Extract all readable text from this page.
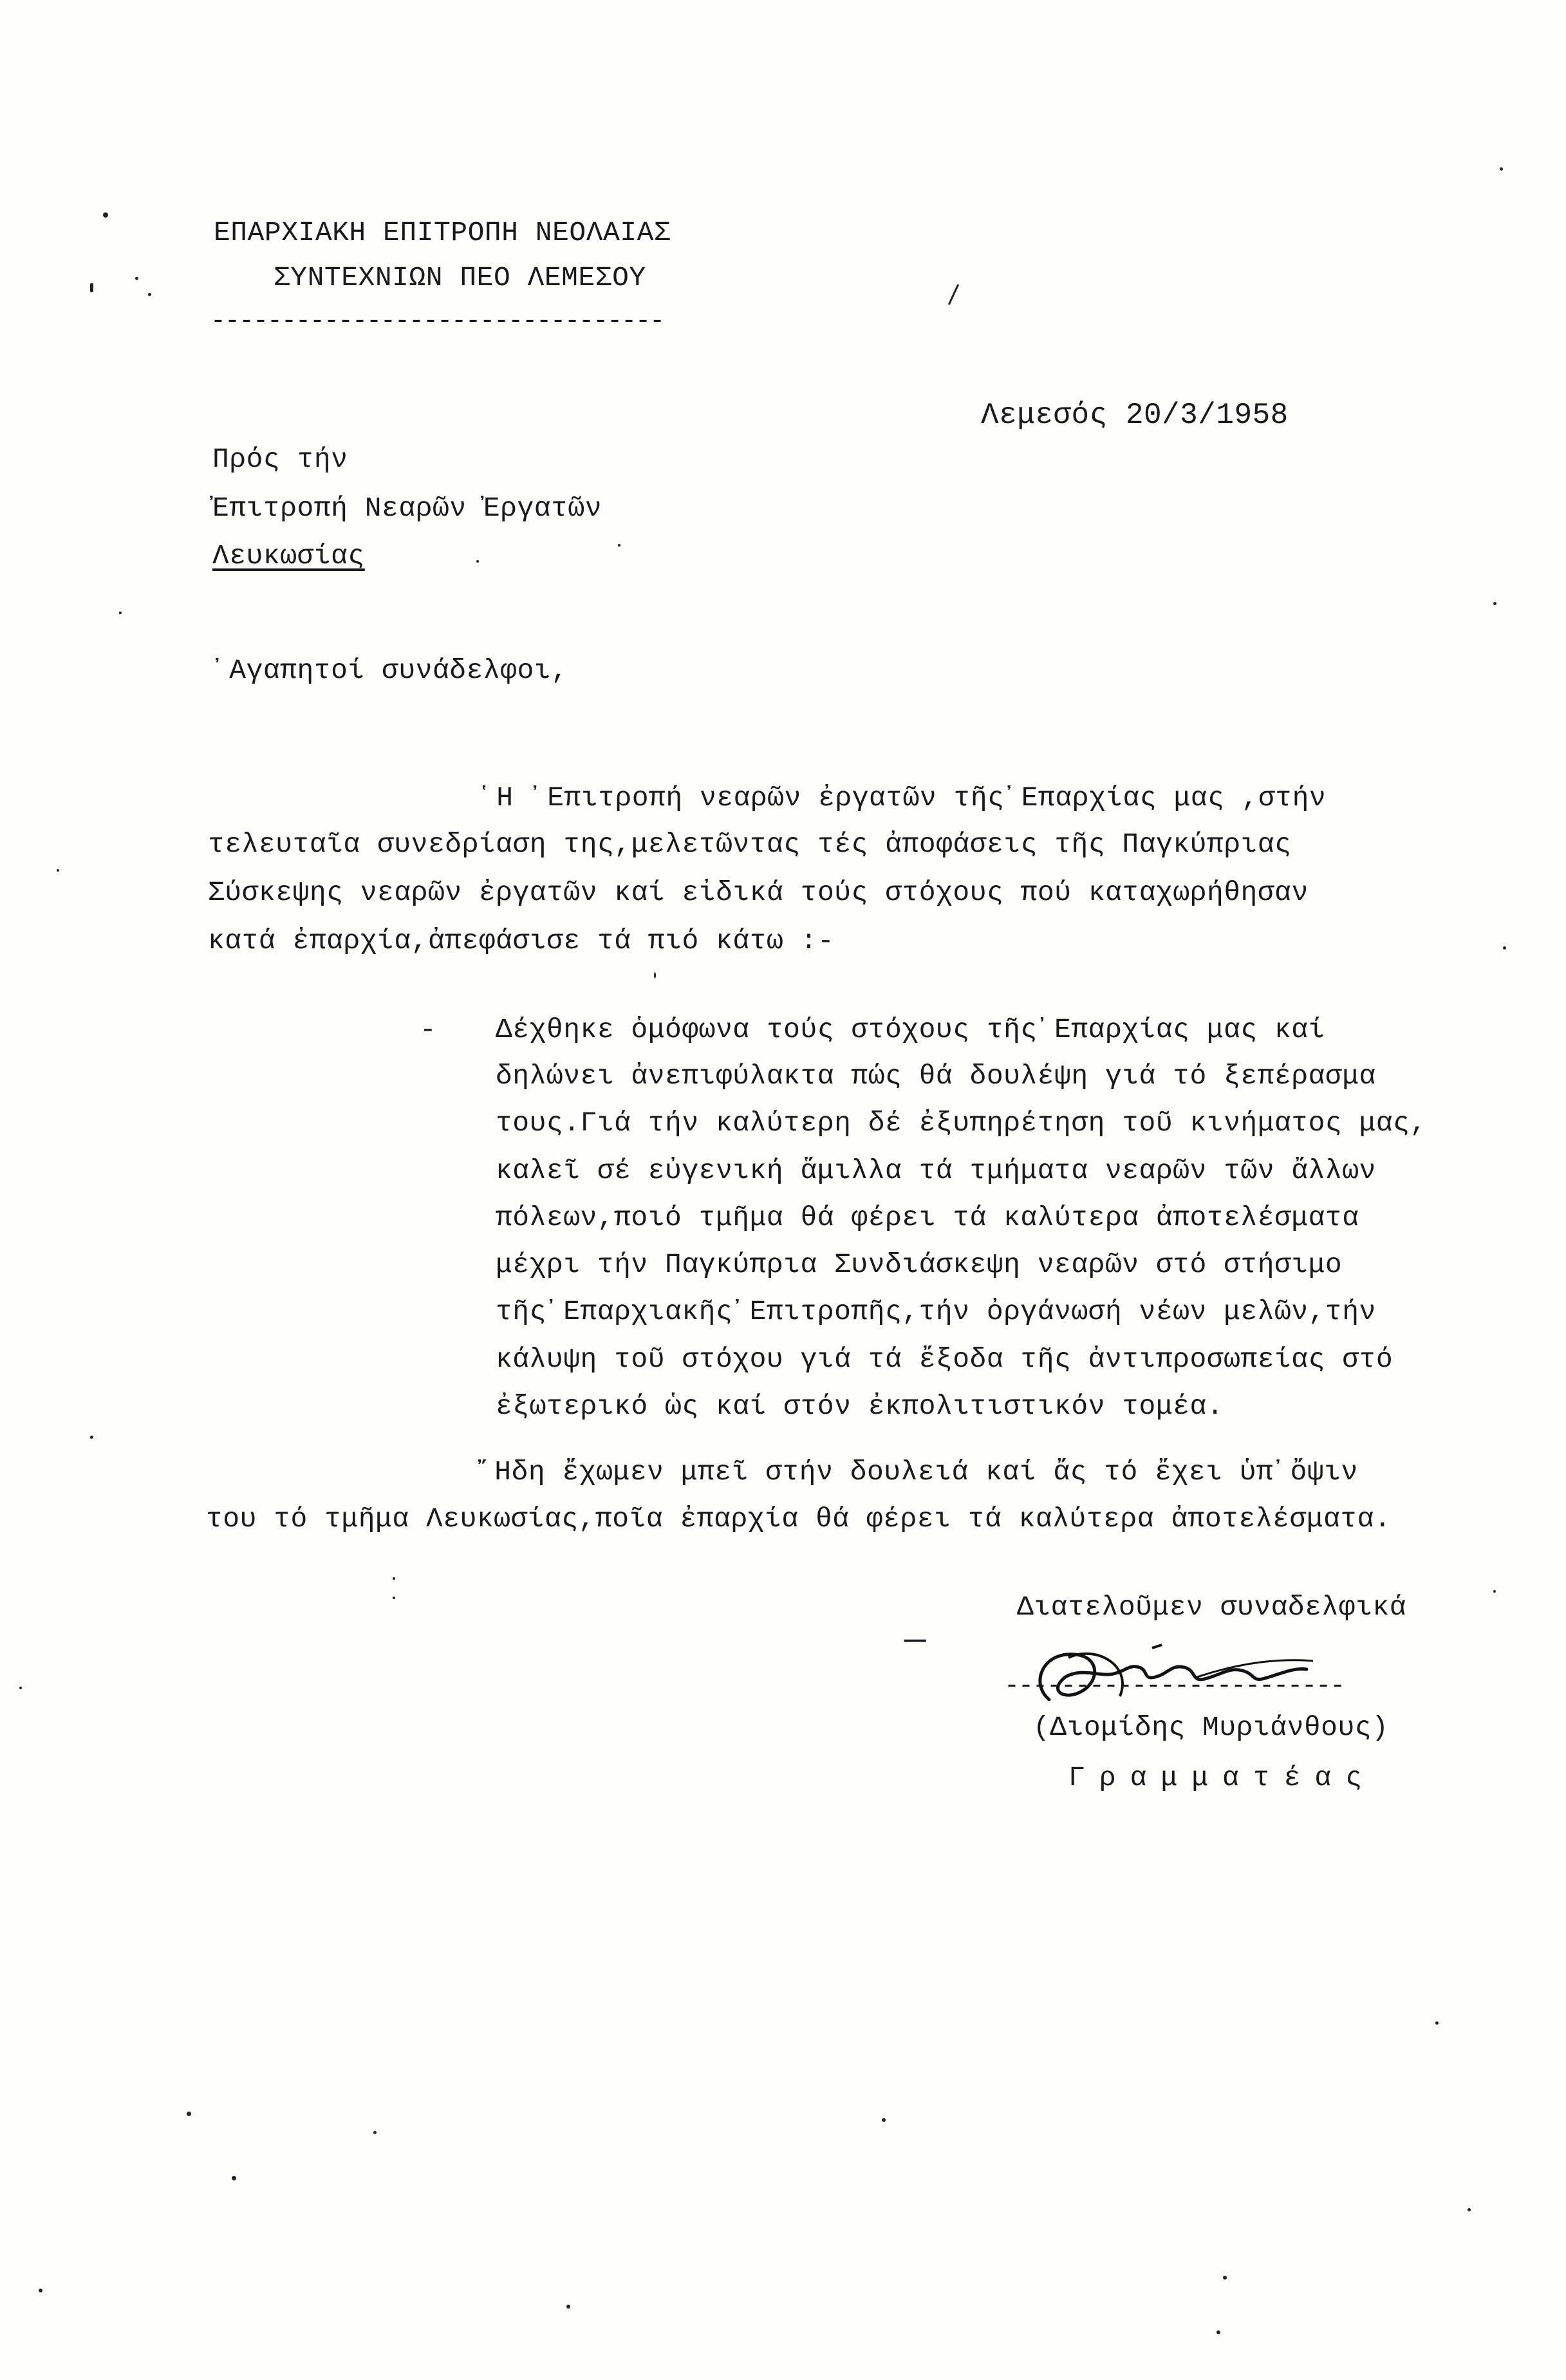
ΕΠΑΡΧΙΑΚΗ ΕΠΙΤΡΟΠΗ ΝΕΟΛΑΙΑΣ
ΣΥΝΤΕΧΝΙΩΝ ΠΕΟ ΛΕΜΕΣΟΥ
--------------------------------
Λεμεσός 20/3/1958
Πρός τήν
Ἐπιτροπή Νεαρῶν Ἐργατῶν
Λευκωσίας
᾿Αγαπητοί συνάδελφοι,
῾Η ᾿Επιτροπή νεαρῶν ἐργατῶν τῆς᾿Επαρχίας μας ,στήν
τελευταῖα συνεδρίαση της,μελετῶντας τές ἀποφάσεις τῆς Παγκύπριας
Σύσκεψης νεαρῶν ἐργατῶν καί εἰδικά τούς στόχους πού καταχωρήθησαν
κατά ἐπαρχία,ἀπεφάσισε τά πιό κάτω :-
- Δέχθηκε ὁμόφωνα τούς στόχους τῆς᾿Επαρχίας μας καί
δηλώνει ἀνεπιφύλακτα πώς θά δουλέψη γιά τό ξεπέρασμα
τους.Γιά τήν καλύτερη δέ ἐξυπηρέτηση τοῦ κινήματος μας,
καλεῖ σέ εὐγενική ἅμιλλα τά τμήματα νεαρῶν τῶν ἄλλων
πόλεων,ποιό τμῆμα θά φέρει τά καλύτερα ἀποτελέσματα
μέχρι τήν Παγκύπρια Συνδιάσκεψη νεαρῶν στό στήσιμο
τῆς᾿Επαρχιακῆς᾿Επιτροπῆς,τήν ὀργάνωσή νέων μελῶν,τήν
κάλυψη τοῦ στόχου γιά τά ἔξοδα τῆς ἀντιπροσωπείας στό
ἐξωτερικό ὡς καί στόν ἐκπολιτιστικόν τομέα.
῎Ηδη ἔχωμεν μπεῖ στήν δουλειά καί ἄς τό ἔχει ὑπ᾿ὄψιν
του τό τμῆμα Λευκωσίας,ποῖα ἐπαρχία θά φέρει τά καλύτερα ἀποτελέσματα.
Διατελοῦμεν συναδελφικά
—
------------------------
(Διομίδης Μυριάνθους)
Γραμματέας
